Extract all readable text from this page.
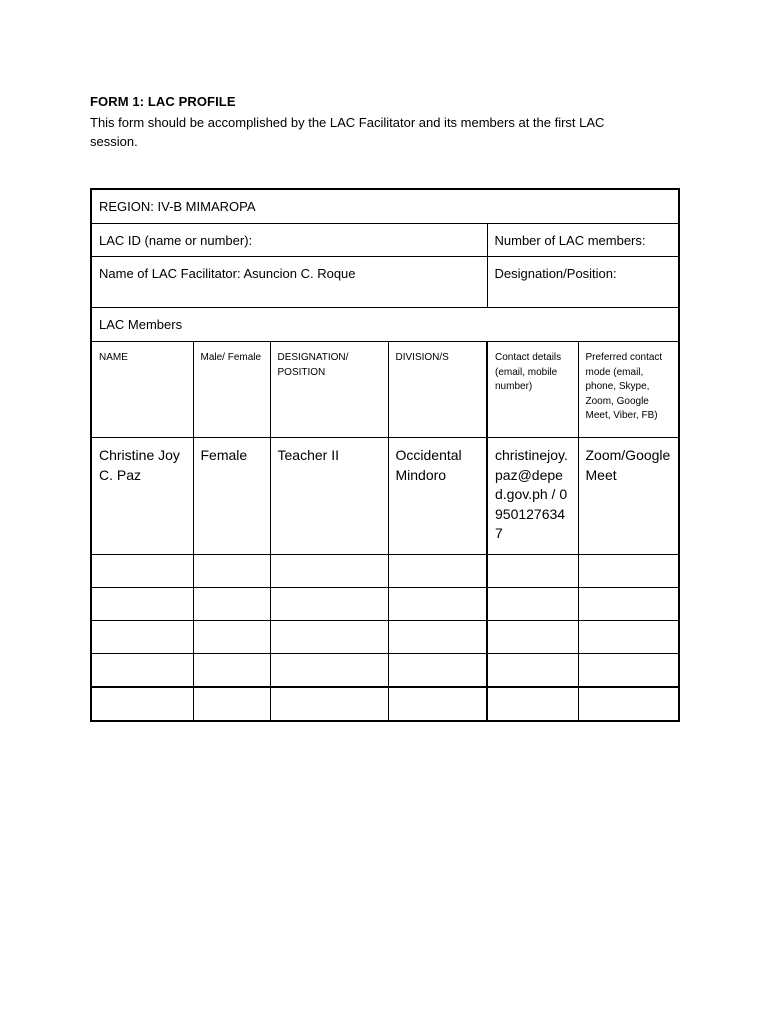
FORM 1: LAC PROFILE
This form should be accomplished by the LAC Facilitator and its members at the first LAC session.
REGION: IV-B MIMAROPA					
LAC ID (name or number):				Number of LAC members:	
Name of LAC Facilitator: Asuncion C. Roque				Designation/Position:	
LAC Members					
NAME	Male/ Female	DESIGNATION/ POSITION	DIVISION/S	Contact details (email, mobile number)	Preferred contact mode (email, phone, Skype, Zoom, Google Meet, Viber, FB)
Christine Joy C. Paz	Female	Teacher II	Occidental Mindoro	christinejoy.paz@deped.gov.ph / 09501276347	Zoom/Google Meet
